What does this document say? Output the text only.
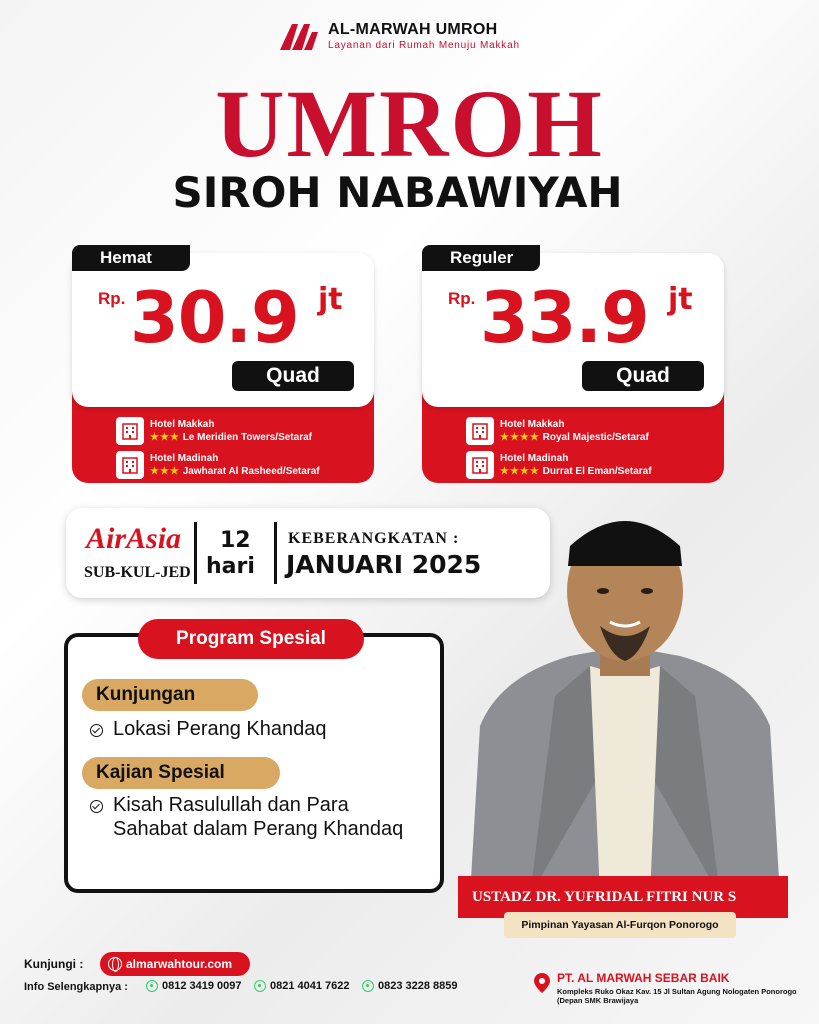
AL-MARWAH UMROH
Layanan dari Rumah Menuju Makkah
UMROH
SIROH NABAWIYAH
Hemat
Rp. 30.9 jt
Quad
Hotel Makkah
★★★ Le Meridien Towers/Setaraf
Hotel Madinah
★★★ Jawharat Al Rasheed/Setaraf
Reguler
Rp. 33.9 jt
Quad
Hotel Makkah
★★★★ Royal Majestic/Setaraf
Hotel Madinah
★★★★ Durrat El Eman/Setaraf
AirAsia
SUB-KUL-JED
12
hari
KEBERANGKATAN :
JANUARI 2025
Kunjungan
Lokasi Perang Khandaq
Kajian Spesial
Kisah Rasulullah dan Para Sahabat dalam Perang Khandaq
Program Spesial
USTADZ DR. YUFRIDAL FITRI NUR S
Pimpinan Yayasan Al-Furqon Ponorogo
Kunjungi :	almarwahtour.com
Info Selengkapnya :	0812 3419 0097	0821 4041 7622	0823 3228 8859
PT. AL MARWAH SEBAR BAIK
Kompleks Ruko Okaz Kav. 15 Jl Sultan Agung Nologaten Ponorogo (Depan SMK Brawijaya
